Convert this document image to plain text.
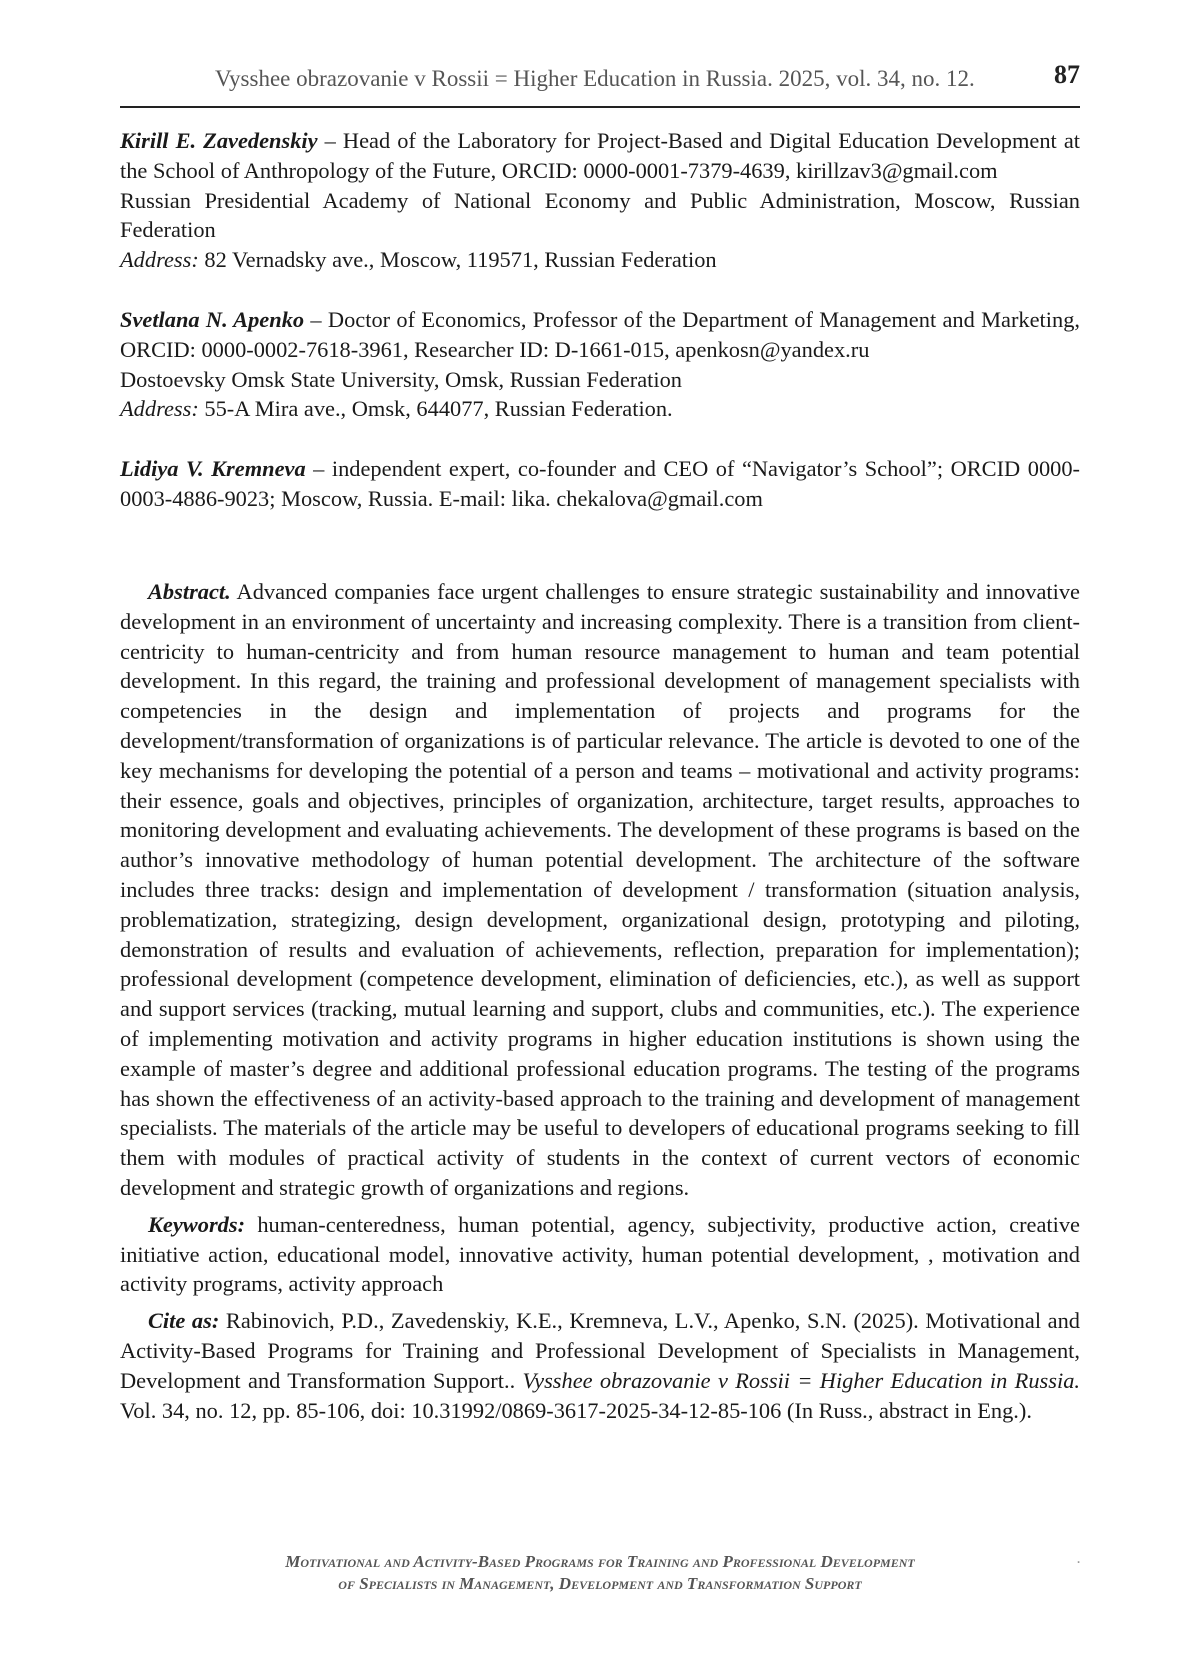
Vysshee obrazovanie v Rossii = Higher Education in Russia. 2025, vol. 34, no. 12.	87
Kirill E. Zavedenskiy – Head of the Laboratory for Project-Based and Digital Education Development at the School of Anthropology of the Future, ORCID: 0000-0001-7379-4639, kirillzav3@gmail.com
Russian Presidential Academy of National Economy and Public Administration, Moscow, Russian Federation
Address: 82 Vernadsky ave., Moscow, 119571, Russian Federation
Svetlana N. Apenko – Doctor of Economics, Professor of the Department of Management and Marketing, ORCID: 0000-0002-7618-3961, Researcher ID: D-1661-015, apenkosn@yandex.ru
Dostoevsky Omsk State University, Omsk, Russian Federation
Address: 55-A Mira ave., Omsk, 644077, Russian Federation.
Lidiya V. Kremneva – independent expert, co-founder and CEO of “Navigator’s School”; ORCID 0000-0003-4886-9023; Moscow, Russia. E-mail: lika. chekalova@gmail.com

Abstract. Advanced companies face urgent challenges to ensure strategic sustainability and innovative development in an environment of uncertainty and increasing complexity. There is a transition from client-centricity to human-centricity and from human resource management to human and team potential development. In this regard, the training and professional development of management specialists with competencies in the design and implementation of projects and programs for the development/transformation of organizations is of particular relevance. The article is devoted to one of the key mechanisms for developing the potential of a person and teams – motivational and activity programs: their essence, goals and objectives, principles of organization, architecture, target results, approaches to monitoring development and evaluating achievements. The development of these programs is based on the author’s innovative methodology of human potential development. The architecture of the software includes three tracks: design and implementation of development / transformation (situation analysis, problematization, strategizing, design development, organizational design, prototyping and piloting, demonstration of results and evaluation of achievements, reflection, preparation for implementation); professional development (competence development, elimination of deficiencies, etc.), as well as support and support services (tracking, mutual learning and support, clubs and communities, etc.). The experience of implementing motivation and activity programs in higher education institutions is shown using the example of master’s degree and additional professional education programs. The testing of the programs has shown the effectiveness of an activity-based approach to the training and development of management specialists. The materials of the article may be useful to developers of educational programs seeking to fill them with modules of practical activity of students in the context of current vectors of economic development and strategic growth of organizations and regions.

Keywords: human-centeredness, human potential, agency, subjectivity, productive action, creative initiative action, educational model, innovative activity, human potential development, , motivation and activity programs, activity approach

Cite as: Rabinovich, P.D., Zavedenskiy, K.E., Kremneva, L.V., Apenko, S.N. (2025). Motivational and Activity-Based Programs for Training and Professional Development of Specialists in Management, Development and Transformation Support.. Vysshee obrazovanie v Rossii = Higher Education in Russia. Vol. 34, no. 12, pp. 85-106, doi: 10.31992/0869-3617-2025-34-12-85-106 (In Russ., abstract in Eng.).

Motivational and Activity-Based Programs for Training and Professional Development
of Specialists in Management, Development and Transformation Support
·
